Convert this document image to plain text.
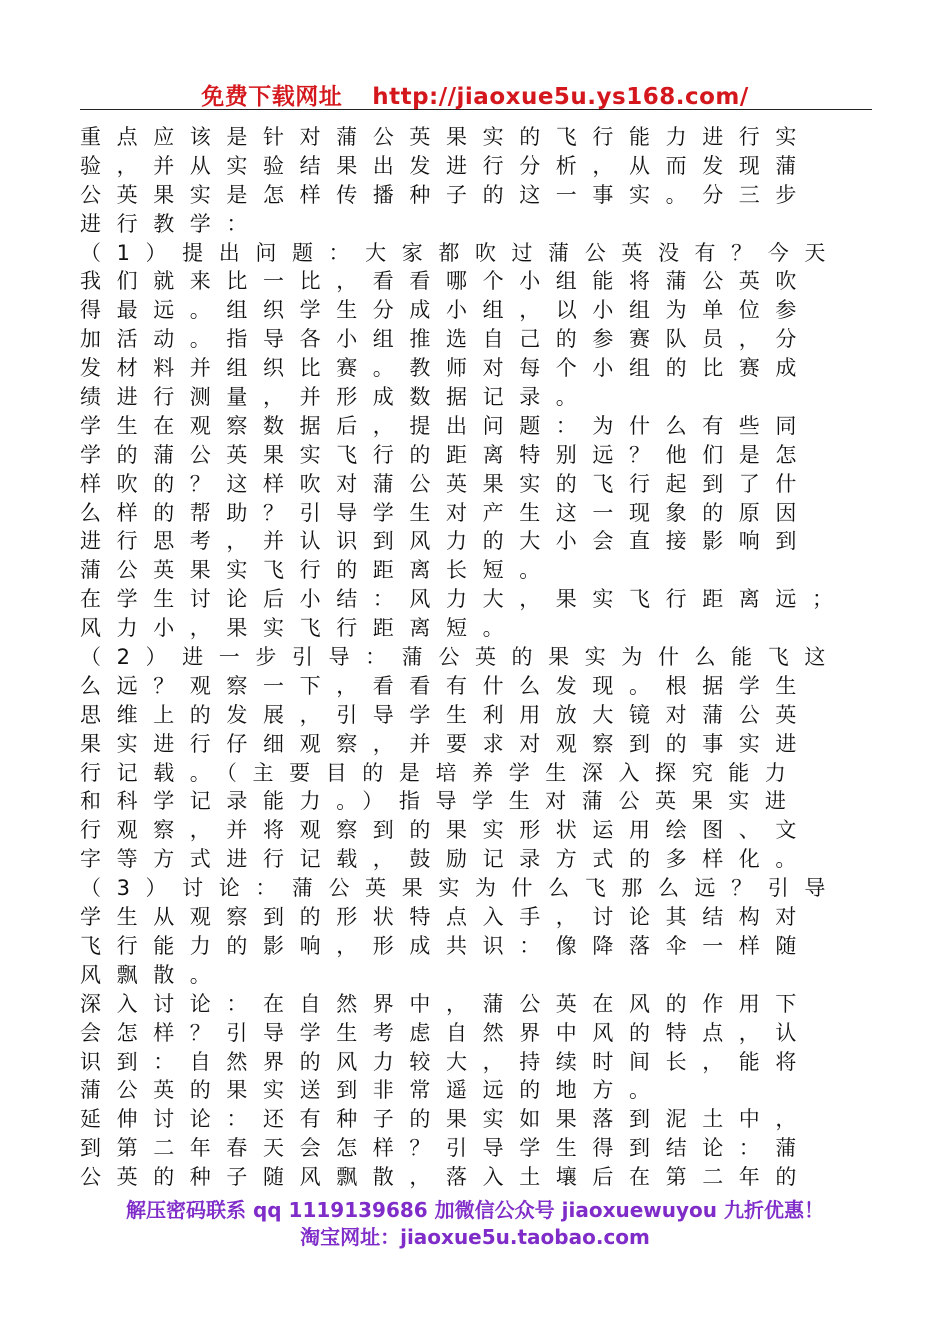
免费下载网址 http://jiaoxue5u.ys168.com/
重点应该是针对蒲公英果实的飞行能力进行实
验，并从实验结果出发进行分析，从而发现蒲
公英果实是怎样传播种子的这一事实。分三步
进行教学：
（1）提出问题：大家都吹过蒲公英没有？今天
我们就来比一比，看看哪个小组能将蒲公英吹
得最远。组织学生分成小组，以小组为单位参
加活动。指导各小组推选自己的参赛队员，分
发材料并组织比赛。教师对每个小组的比赛成
绩进行测量，并形成数据记录。
学生在观察数据后，提出问题：为什么有些同
学的蒲公英果实飞行的距离特别远？他们是怎
样吹的？这样吹对蒲公英果实的飞行起到了什
么样的帮助？引导学生对产生这一现象的原因
进行思考，并认识到风力的大小会直接影响到
蒲公英果实飞行的距离长短。
在学生讨论后小结：风力大，果实飞行距离远；
风力小，果实飞行距离短。
（2）进一步引导：蒲公英的果实为什么能飞这
么远？观察一下，看看有什么发现。根据学生
思维上的发展，引导学生利用放大镜对蒲公英
果实进行仔细观察，并要求对观察到的事实进
行记载。（主要目的是培养学生深入探究能力
和科学记录能力。）指导学生对蒲公英果实进
行观察，并将观察到的果实形状运用绘图、文
字等方式进行记载，鼓励记录方式的多样化。
（3）讨论：蒲公英果实为什么飞那么远？引导
学生从观察到的形状特点入手，讨论其结构对
飞行能力的影响，形成共识：像降落伞一样随
风飘散。
深入讨论：在自然界中，蒲公英在风的作用下
会怎样？引导学生考虑自然界中风的特点，认
识到：自然界的风力较大，持续时间长，能将
蒲公英的果实送到非常遥远的地方。
延伸讨论：还有种子的果实如果落到泥土中，
到第二年春天会怎样？引导学生得到结论：蒲
公英的种子随风飘散，落入土壤后在第二年的
解压密码联系 qq 1119139686 加微信公众号 jiaoxuewuyou 九折优惠！
淘宝网址：jiaoxue5u.taobao.com
